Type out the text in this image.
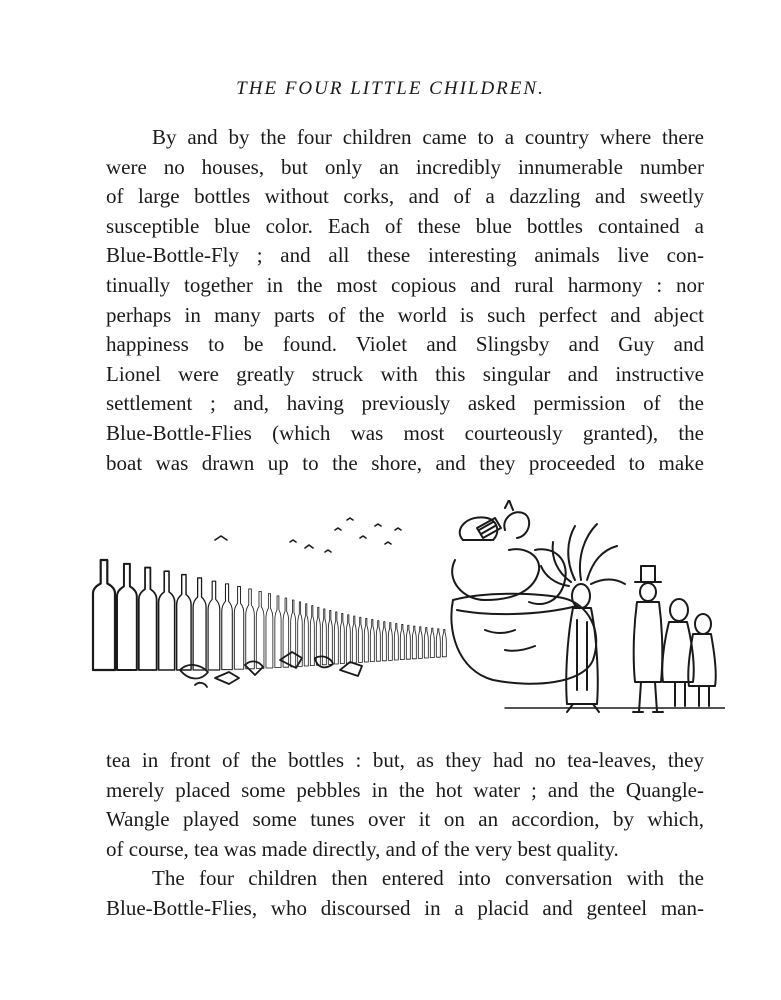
THE FOUR LITTLE CHILDREN.

By and by the four children came to a country where there
were no houses, but only an incredibly innumerable number
of large bottles without corks, and of a dazzling and sweetly
susceptible blue color. Each of these blue bottles contained a
Blue-Bottle-Fly ; and all these interesting animals live con-
tinually together in the most copious and rural harmony : nor
perhaps in many parts of the world is such perfect and abject
happiness to be found. Violet and Slingsby and Guy and
Lionel were greatly struck with this singular and instructive
settlement ; and, having previously asked permission of the
Blue-Bottle-Flies (which was most courteously granted), the
boat was drawn up to the shore, and they proceeded to make

tea in front of the bottles : but, as they had no tea-leaves, they
merely placed some pebbles in the hot water ; and the Quangle-
Wangle played some tunes over it on an accordion, by which,
of course, tea was made directly, and of the very best quality.

The four children then entered into conversation with the
Blue-Bottle-Flies, who discoursed in a placid and genteel man-
